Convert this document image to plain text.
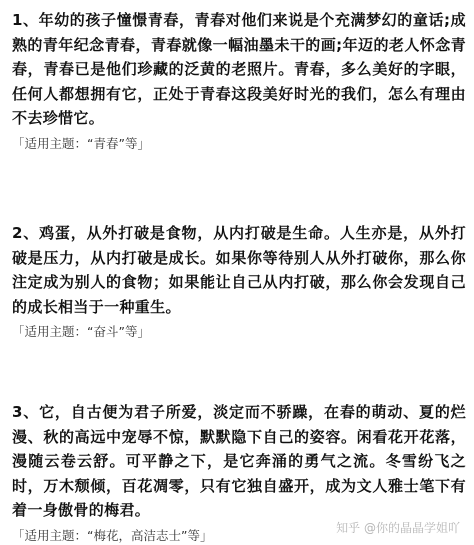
1、年幼的孩子憧憬青春，青春对他们来说是个充满梦幻的童话;成熟的青年纪念青春，青春就像一幅油墨未干的画;年迈的老人怀念青春，青春已是他们珍藏的泛黄的老照片。青春，多么美好的字眼，任何人都想拥有它，正处于青春这段美好时光的我们，怎么有理由不去珍惜它。

「适用主题：“青春”等」

2、鸡蛋，从外打破是食物，从内打破是生命。人生亦是，从外打破是压力，从内打破是成长。如果你等待别人从外打破你，那么你注定成为别人的食物；如果能让自己从内打破，那么你会发现自己的成长相当于一种重生。

「适用主题：“奋斗”等」

3、它，自古便为君子所爱，淡定而不骄躁，在春的萌动、夏的烂漫、秋的高远中宠辱不惊，默默隐下自己的姿容。闲看花开花落，漫随云卷云舒。可平静之下，是它奔涌的勇气之流。冬雪纷飞之时，万木颓倾，百花凋零，只有它独自盛开，成为文人雅士笔下有着一身傲骨的梅君。

「适用主题：“梅花，高洁志士”等」	知乎 @你的晶晶学姐吖
